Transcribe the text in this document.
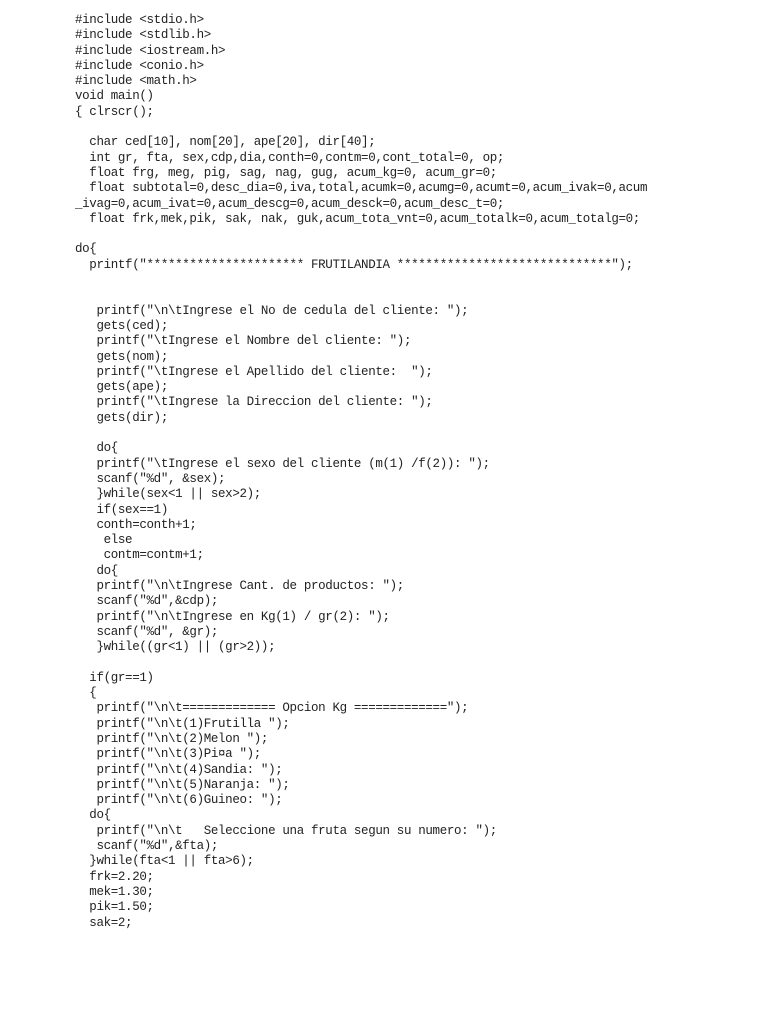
#include <stdio.h>
#include <stdlib.h>
#include <iostream.h>
#include <conio.h>
#include <math.h>
void main()
{ clrscr();
char ced[10], nom[20], ape[20], dir[40];
int gr, fta, sex,cdp,dia,conth=0,contm=0,cont_total=0, op;
float frg, meg, pig, sag, nag, gug, acum_kg=0, acum_gr=0;
float subtotal=0,desc_dia=0,iva,total,acumk=0,acumg=0,acumt=0,acum_ivak=0,acum
_ivag=0,acum_ivat=0,acum_descg=0,acum_desck=0,acum_desc_t=0;
float frk,mek,pik, sak, nak, guk,acum_tota_vnt=0,acum_totalk=0,acum_totalg=0;
do{
printf("********************** FRUTILANDIA ******************************");
printf("\n\tIngrese el No de cedula del cliente: ");
gets(ced);
printf("\tIngrese el Nombre del cliente: ");
gets(nom);
printf("\tIngrese el Apellido del cliente:  ");
gets(ape);
printf("\tIngrese la Direccion del cliente: ");
gets(dir);
do{
printf("\tIngrese el sexo del cliente (m(1) /f(2)): ");
scanf("%d", &sex);
}while(sex<1 || sex>2);
if(sex==1)
conth=conth+1;
else
contm=contm+1;
do{
printf("\n\tIngrese Cant. de productos: ");
scanf("%d",&cdp);
printf("\n\tIngrese en Kg(1) / gr(2): ");
scanf("%d", &gr);
}while((gr<1) || (gr>2));
if(gr==1)
{
printf("\n\t============= Opcion Kg =============");
printf("\n\t(1)Frutilla ");
printf("\n\t(2)Melon ");
printf("\n\t(3)Pi¤a ");
printf("\n\t(4)Sandia: ");
printf("\n\t(5)Naranja: ");
printf("\n\t(6)Guineo: ");
do{
printf("\n\t   Seleccione una fruta segun su numero: ");
scanf("%d",&fta);
}while(fta<1 || fta>6);
frk=2.20;
mek=1.30;
pik=1.50;
sak=2;
